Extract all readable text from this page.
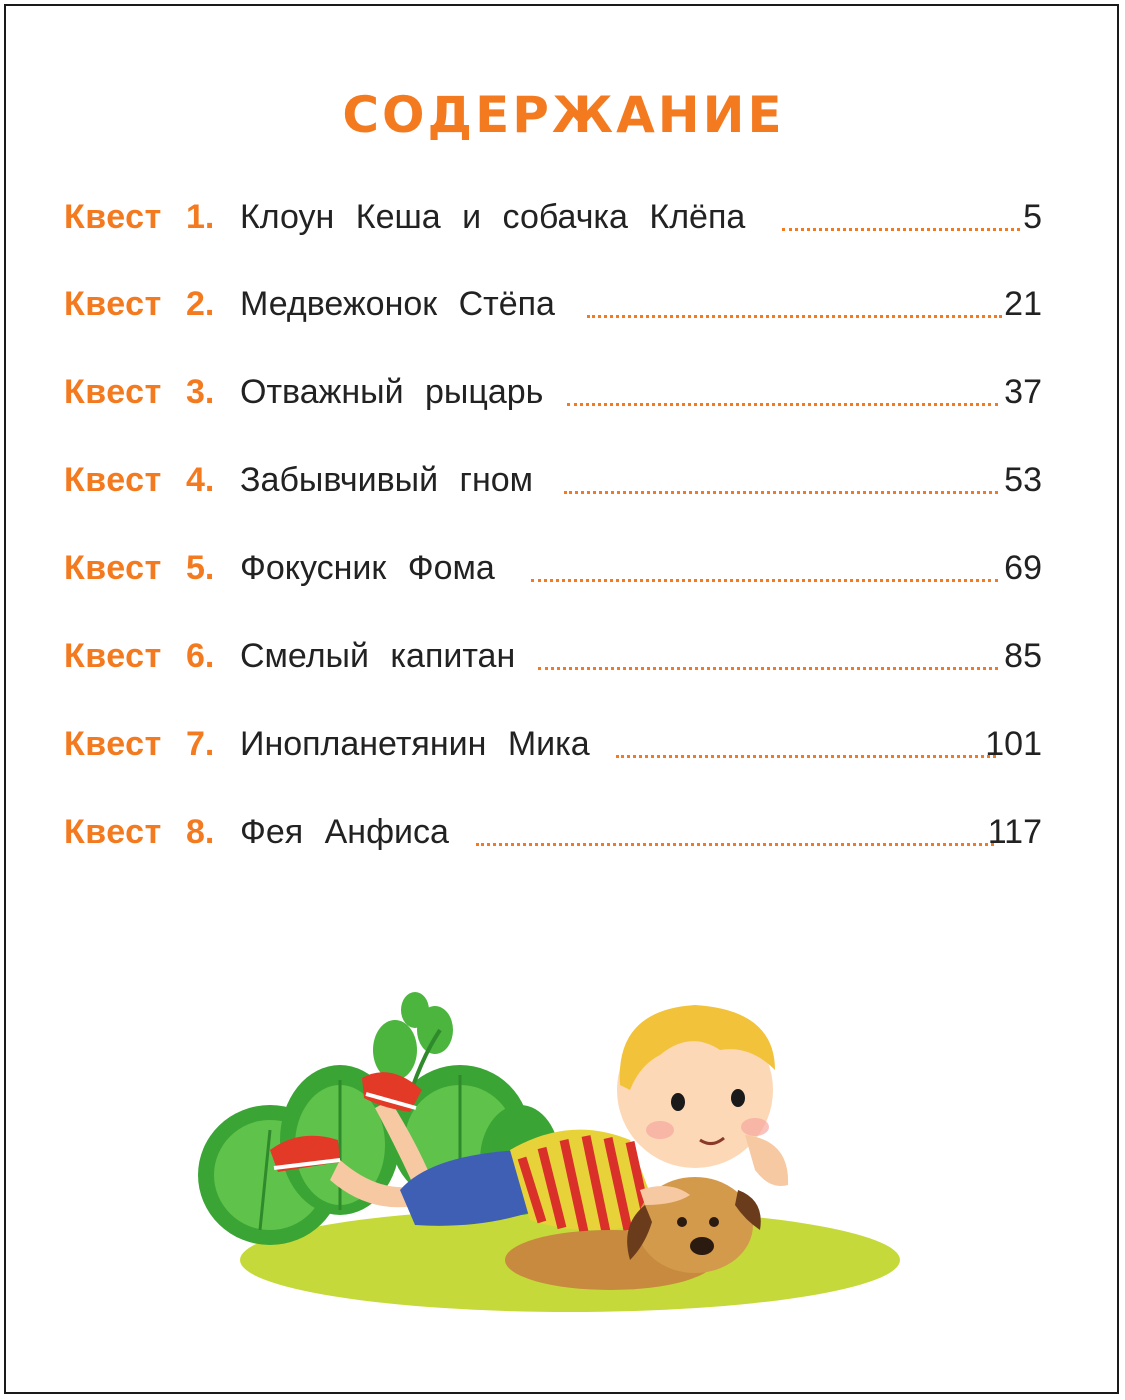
СОДЕРЖАНИЕ
Квест 1. Клоун Кеша и собачка Клёпа	5
Квест 2. Медвежонок Стёпа	21
Квест 3. Отважный рыцарь	37
Квест 4. Забывчивый гном	53
Квест 5. Фокусник Фома	69
Квест 6. Смелый капитан	85
Квест 7. Инопланетянин Мика	101
Квест 8. Фея Анфиса	117
